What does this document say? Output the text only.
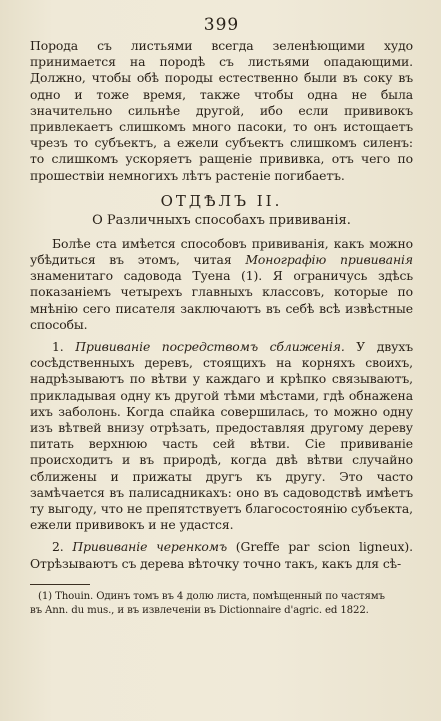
399

Порода съ листьями всегда зеленѣющими худо принимается на породѣ съ листьями опадающими. Должно, чтобы обѣ породы естественно были въ соку въ одно и тоже время, также чтобы одна не была значительно сильнѣе другой, ибо если прививокъ привлекаетъ слишкомъ много пасоки, то онъ истощаетъ чрезъ то субъектъ, а ежели субъектъ слишкомъ силенъ: то слишкомъ ускоряетъ ращеніе прививка, отъ чего по прошествіи немногихъ лѣтъ растеніе погибаетъ.

ОТДѢЛЪ II.
О Различныхъ способахъ прививанія.

Болѣе ста имѣется способовъ прививанія, какъ можно убѣдиться въ этомъ, читая Монографію прививанія знаменитаго садовода Туена (1). Я ограничусь здѣсь показаніемъ четырехъ главныхъ классовъ, которые по мнѣнію сего писателя заключаютъ въ себѣ всѣ извѣстные способы.

1. Прививаніе посредствомъ сближенія. У двухъ сосѣдственныхъ деревъ, стоящихъ на корняхъ своихъ, надрѣзываютъ по вѣтви у каждаго и крѣпко связываютъ, прикладывая одну къ другой тѣми мѣстами, гдѣ обнажена ихъ заболонь. Когда спайка совершилась, то можно одну изъ вѣтвей внизу отрѣзать, предоставляя другому дереву питать верхнюю часть сей вѣтви. Сіе прививаніе происходитъ и въ природѣ, когда двѣ вѣтви случайно сближены и прижаты другъ къ другу. Это часто замѣчается въ палисадникахъ: оно въ садоводствѣ имѣетъ ту выгоду, что не препятствуетъ благосостоянію субъекта, ежели прививокъ и не удастся.

2. Прививаніе черенкомъ (Greffe par scion ligneux). Отрѣзываютъ съ дерева вѣточку точно такъ, какъ для сѣ-

(1) Thouin. Одинъ томъ въ 4 долю листа, помѣщенный по частямъ

въ Ann. du mus., и въ извлеченіи въ Dictionnaire d'agric. ed 1822.
